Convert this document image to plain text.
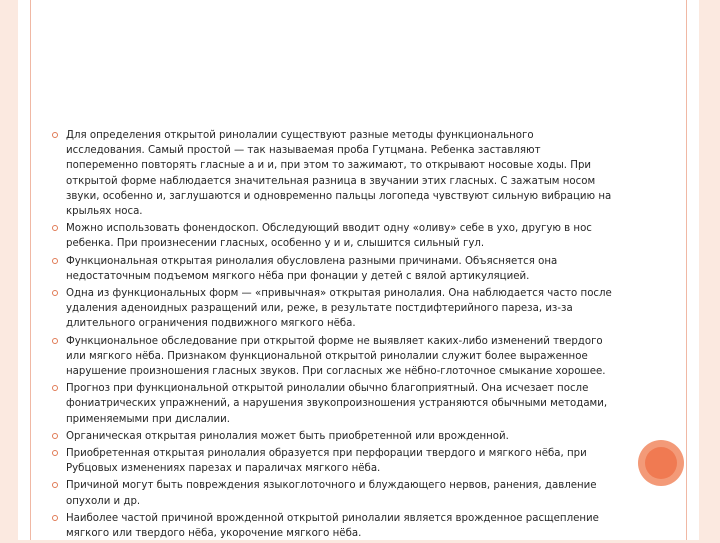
Для определения открытой ринолалии существуют разные методы функционального исследования. Самый простой — так называемая проба Гутцмана. Ребенка заставляют попеременно повторять гласные а и и, при этом то зажимают, то открывают носовые ходы. При открытой форме наблюдается значительная разница в звучании этих гласных. С зажатым носом звуки, особенно и, заглушаются и одновременно пальцы логопеда чувствуют сильную вибрацию на крыльях носа.
Можно использовать фонендоскоп. Обследующий вводит одну «оливу» себе в ухо, другую в нос ребенка. При произнесении гласных, особенно у и и, слышится сильный гул.
Функциональная открытая ринолалия обусловлена разными причинами. Объясняется она недостаточным подъемом мягкого нёба при фонации у детей с вялой артикуляцией.
Одна из функциональных форм — «привычная» открытая ринолалия. Она наблюдается часто после удаления аденоидных разращений или, реже, в результате постдифтерийного пареза, из-за длительного ограничения подвижного мягкого нёба.
Функциональное обследование при открытой форме не выявляет каких-либо изменений твердого или мягкого нёба. Признаком функциональной открытой ринолалии служит более выраженное нарушение произношения гласных звуков. При согласных же нёбно-глоточное смыкание хорошее.
Прогноз при функциональной открытой ринолалии обычно благоприятный. Она исчезает после фониатрических упражнений, а нарушения звукопроизношения устраняются обычными методами, применяемыми при дислалии.
Органическая открытая ринолалия может быть приобретенной или врожденной.
Приобретенная открытая ринолалия образуется при перфорации твердого и мягкого нёба, при Рубцовых изменениях парезах и параличах мягкого нёба.
Причиной могут быть повреждения языкоглоточного и блуждающего нервов, ранения, давление опухоли и др.
Наиболее частой причиной врожденной открытой ринолалии является врожденное расщепление мягкого или твердого нёба, укорочение мягкого нёба.
